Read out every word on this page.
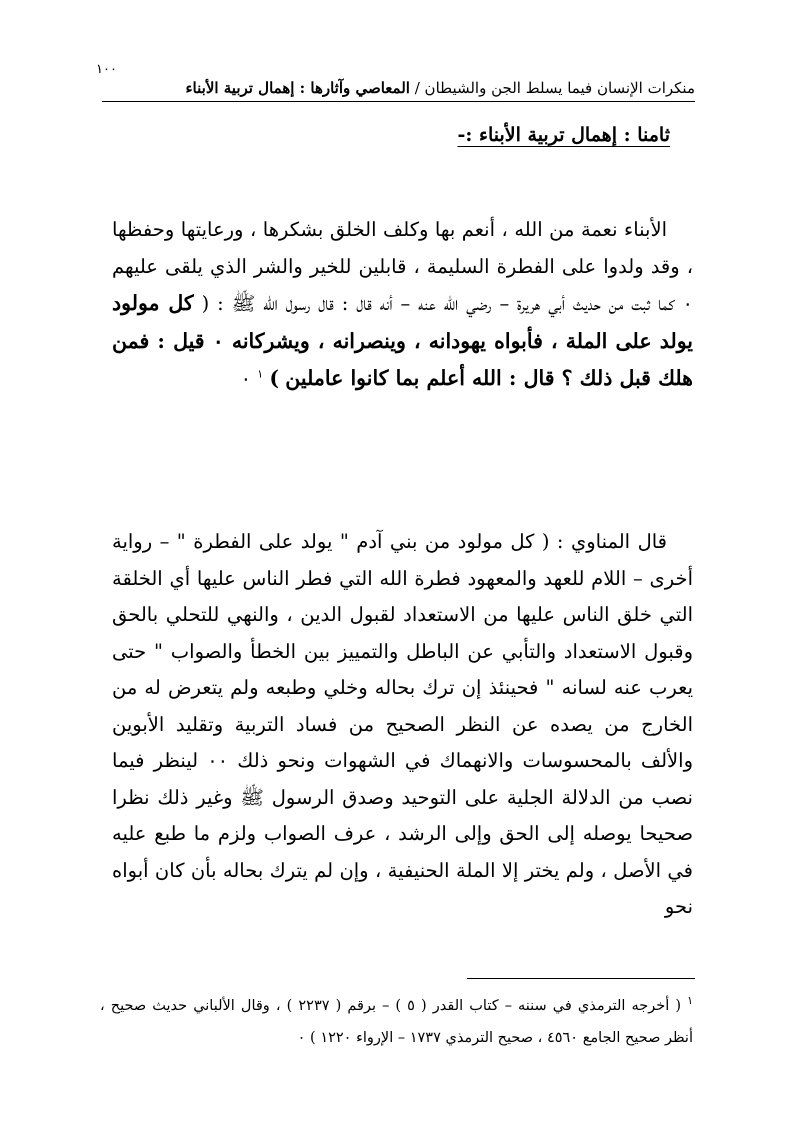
١٠٠
منكرات الإنسان فيما يسلط الجن والشيطان / المعاصي وآثارها : إهمال تربية الأبناء
ثامنا : إهمال تربية الأبناء :-

الأبناء نعمة من الله ، أنعم بها وكلف الخلق بشكرها ، ورعايتها وحفظها ، وقد ولدوا على الفطرة السليمة ، قابلين للخير والشر الذي يلقى عليهم ٠ كما ثبت من حديث أبي هريرة – رضي الله عنه – أنه قال : قال رسول الله ﷺ : ( كل مولود يولد على الملة ، فأبواه يهودانه ، وينصرانه ، ويشركانه ٠ قيل : فمن هلك قبل ذلك ؟ قال : الله أعلم بما كانوا عاملين ) $^١$ ٠

قال المناوي : ( كل مولود من بني آدم " يولد على الفطرة " – رواية أخرى – اللام للعهد والمعهود فطرة الله التي فطر الناس عليها أي الخلقة التي خلق الناس عليها من الاستعداد لقبول الدين ، والنهي للتحلي بالحق وقبول الاستعداد والتأبي عن الباطل والتمييز بين الخطأ والصواب " حتى يعرب عنه لسانه " فحينئذ إن ترك بحاله وخلي وطبعه ولم يتعرض له من الخارج من يصده عن النظر الصحيح من فساد التربية وتقليد الأبوين والألف بالمحسوسات والانهماك في الشهوات ونحو ذلك ٠٠ لينظر فيما نصب من الدلالة الجلية على التوحيد وصدق الرسول ﷺ وغير ذلك نظرا صحيحا يوصله إلى الحق وإلى الرشد ، عرف الصواب ولزم ما طبع عليه في الأصل ، ولم يختر إلا الملة الحنيفية ، وإن لم يترك بحاله بأن كان أبواه نحو

$^١$ ( أخرجه الترمذي في سننه – كتاب القدر ( ٥ ) – برقم ( ٢٢٣٧ ) ، وقال الألباني حديث صحيح ، أنظر صحيح الجامع ٤٥٦٠ ، صحيح الترمذي ١٧٣٧ – الإرواء ١٢٢٠ ) ٠
